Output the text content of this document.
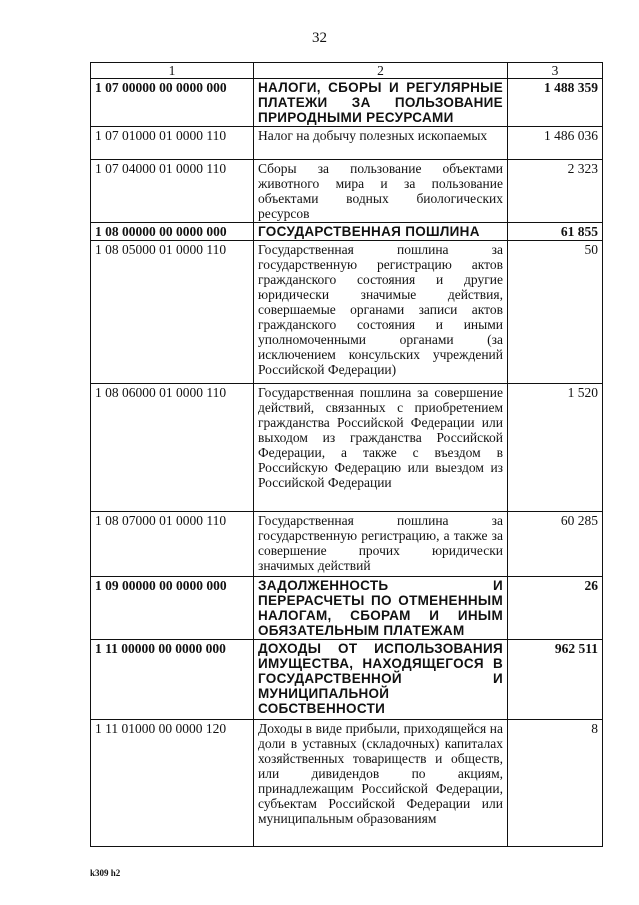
32
1	2	3
1 07 00000 00 0000 000	НАЛОГИ, СБОРЫ И РЕГУЛЯРНЫЕ ПЛАТЕЖИ ЗА ПОЛЬЗОВАНИЕ ПРИРОДНЫМИ РЕСУРСАМИ	1 488 359
1 07 01000 01 0000 110	Налог на добычу полезных ископаемых	1 486 036
1 07 04000 01 0000 110	Сборы за пользование объектами животного мира и за пользование объектами водных биологических ресурсов	2 323
1 08 00000 00 0000 000	ГОСУДАРСТВЕННАЯ ПОШЛИНА	61 855
1 08 05000 01 0000 110	Государственная пошлина за государственную регистрацию актов гражданского состояния и другие юридически значимые действия, совершаемые органами записи актов гражданского состояния и иными уполномоченными органами (за исключением консульских учреждений Российской Федерации)	50
1 08 06000 01 0000 110	Государственная пошлина за совершение действий, связанных с приобретением гражданства Российской Федерации или выходом из гражданства Российской Федерации, а также с въездом в Российскую Федерацию или выездом из Российской Федерации	1 520
1 08 07000 01 0000 110	Государственная пошлина за государственную регистрацию, а также за совершение прочих юридически значимых действий	60 285
1 09 00000 00 0000 000	ЗАДОЛЖЕННОСТЬ И ПЕРЕРАСЧЕТЫ ПО ОТМЕНЕННЫМ НАЛОГАМ, СБОРАМ И ИНЫМ ОБЯЗАТЕЛЬНЫМ ПЛАТЕЖАМ	26
1 11 00000 00 0000 000	ДОХОДЫ ОТ ИСПОЛЬЗОВАНИЯ ИМУЩЕСТВА, НАХОДЯЩЕГОСЯ В ГОСУДАРСТВЕННОЙ И МУНИЦИПАЛЬНОЙ СОБСТВЕННОСТИ	962 511
1 11 01000 00 0000 120	Доходы в виде прибыли, приходящейся на доли в уставных (складочных) капиталах хозяйственных товариществ и обществ, или дивидендов по акциям, принадлежащим Российской Федерации, субъектам Российской Федерации или муниципальным образованиям	8
k309 h2
